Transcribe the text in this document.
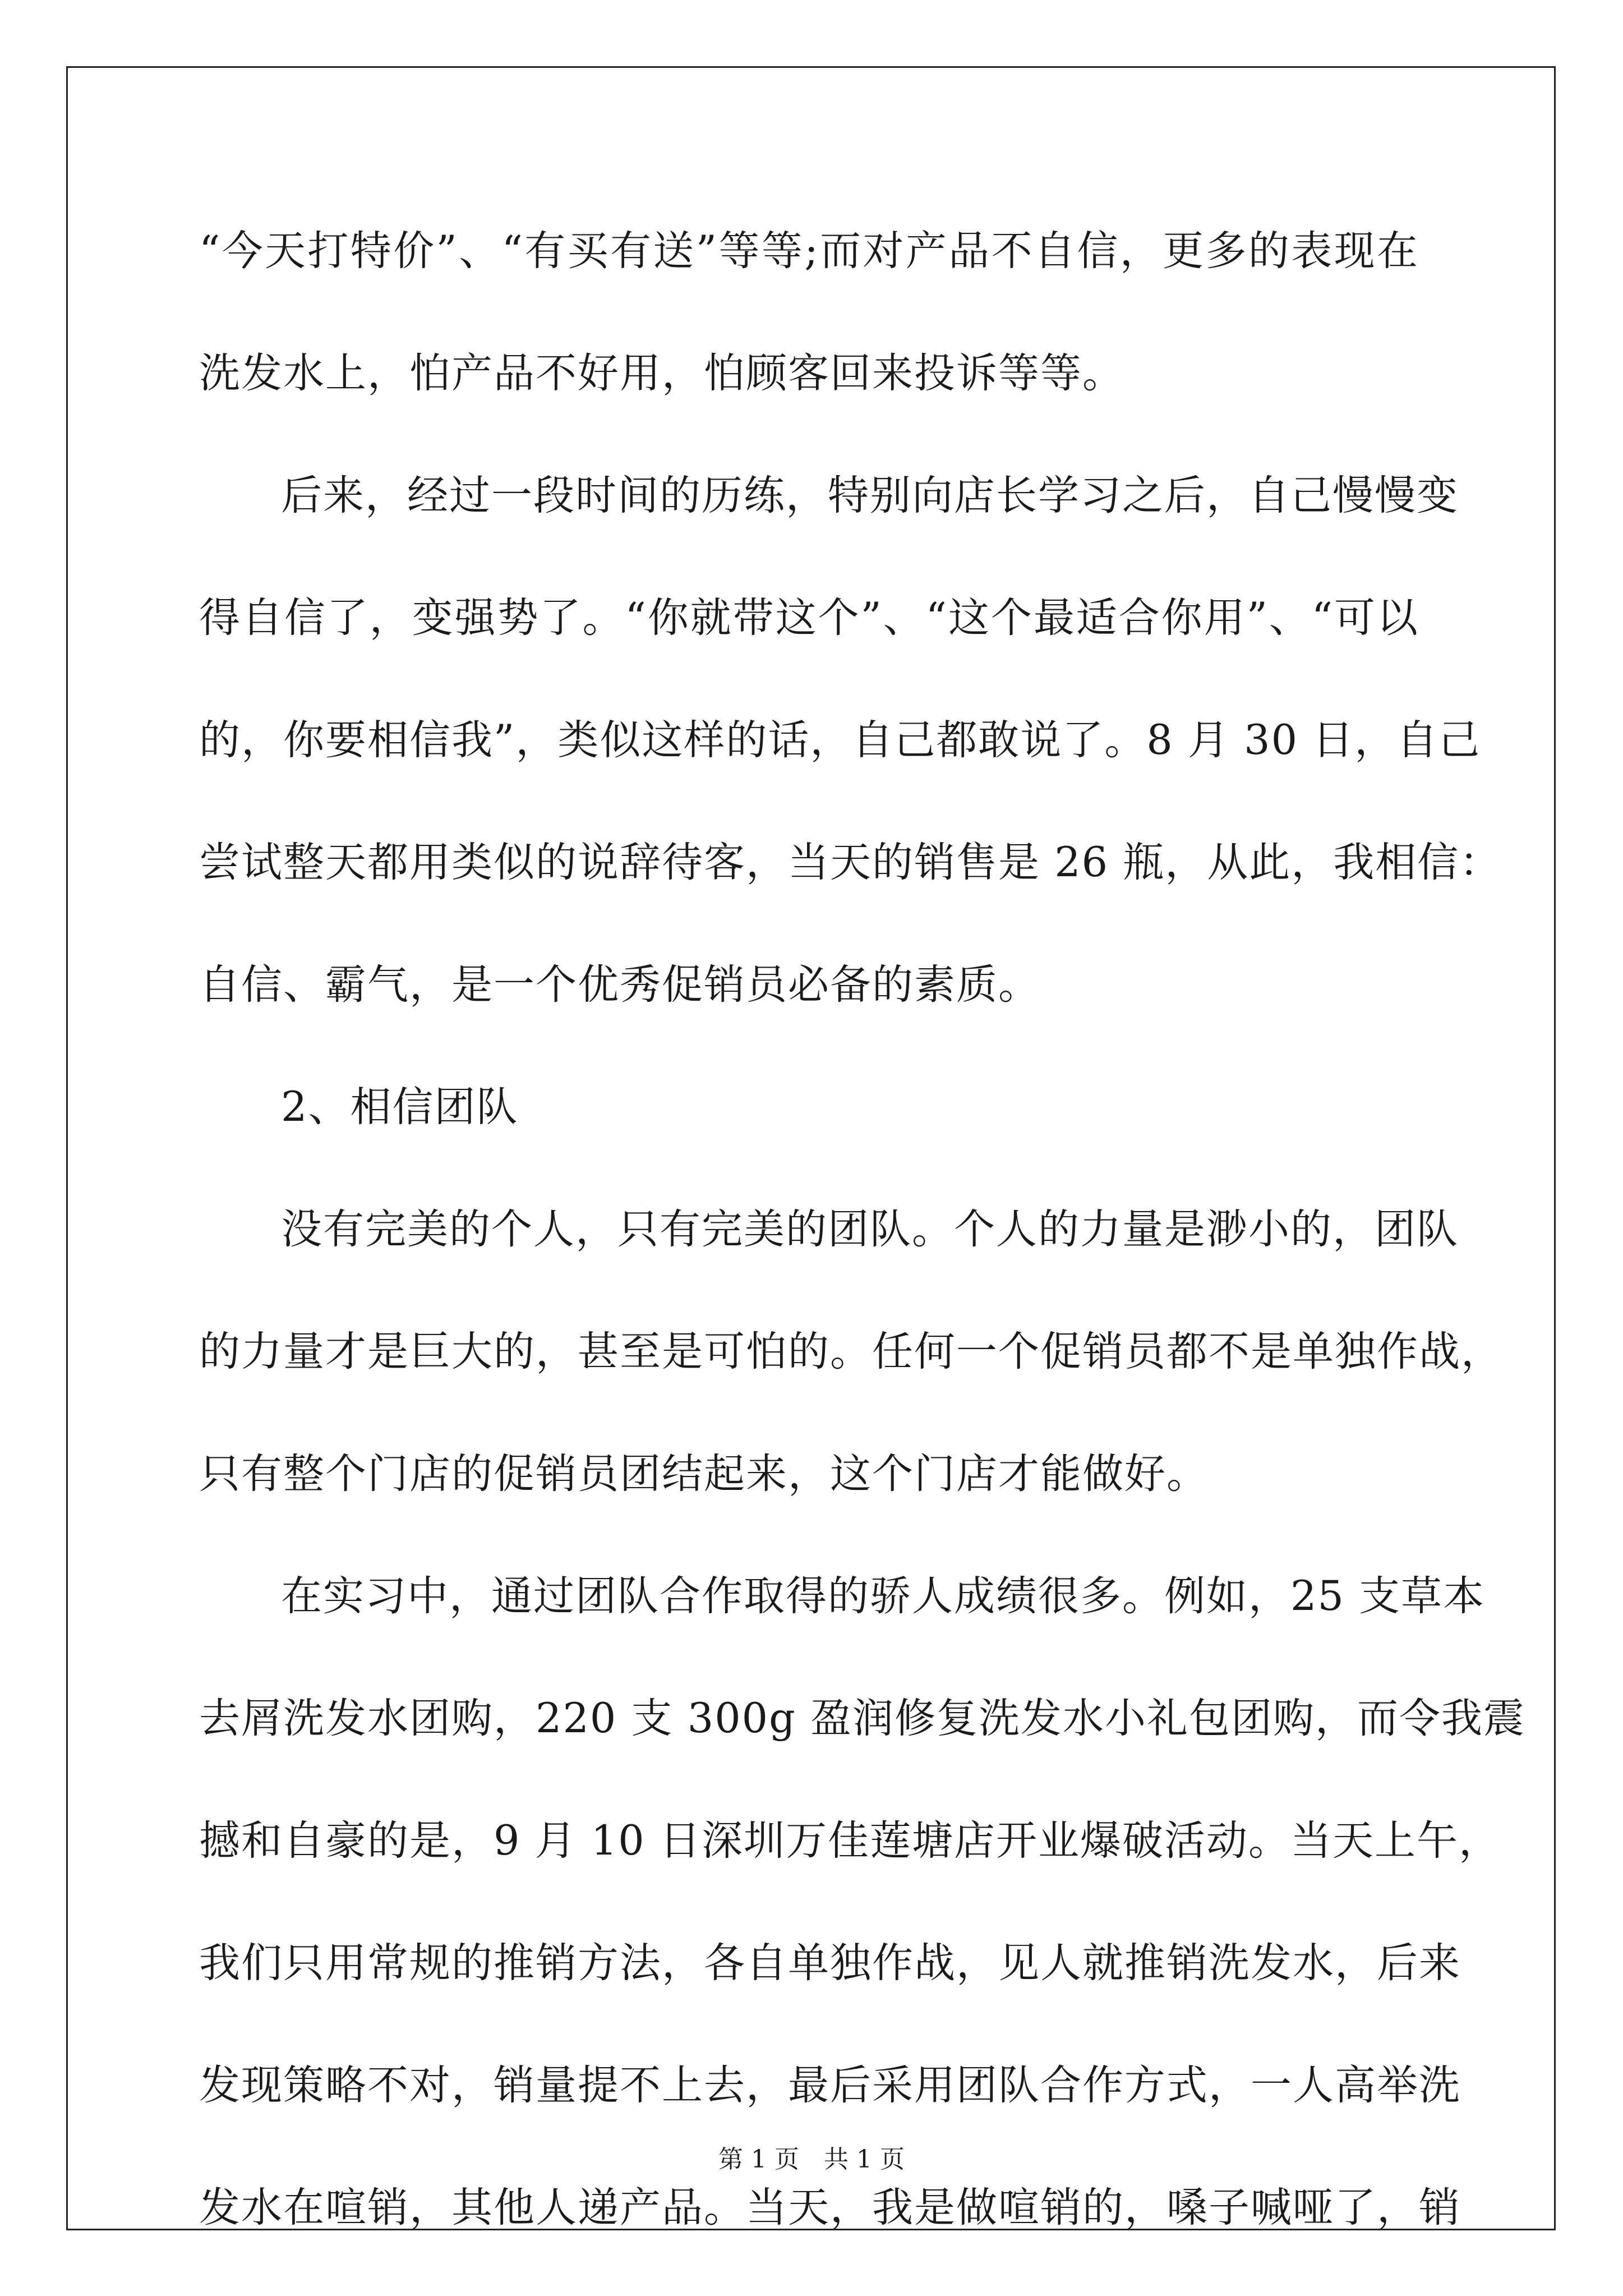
“今天打特价”、“有买有送”等等;而对产品不自信，更多的表现在
洗发水上，怕产品不好用，怕顾客回来投诉等等。
后来，经过一段时间的历练，特别向店长学习之后，自己慢慢变
得自信了，变强势了。“你就带这个”、“这个最适合你用”、“可以
的，你要相信我”，类似这样的话，自己都敢说了。8 月 30 日，自己
尝试整天都用类似的说辞待客，当天的销售是 26 瓶，从此，我相信：
自信、霸气，是一个优秀促销员必备的素质。
2、相信团队
没有完美的个人，只有完美的团队。个人的力量是渺小的，团队
的力量才是巨大的，甚至是可怕的。任何一个促销员都不是单独作战，
只有整个门店的促销员团结起来，这个门店才能做好。
在实习中，通过团队合作取得的骄人成绩很多。例如，25 支草本
去屑洗发水团购，220 支 300g 盈润修复洗发水小礼包团购，而令我震
撼和自豪的是，9 月 10 日深圳万佳莲塘店开业爆破活动。当天上午，
我们只用常规的推销方法，各自单独作战，见人就推销洗发水，后来
发现策略不对，销量提不上去，最后采用团队合作方式，一人高举洗
发水在喧销，其他人递产品。当天，我是做喧销的，嗓子喊哑了，销
第 1 页 共 1 页
